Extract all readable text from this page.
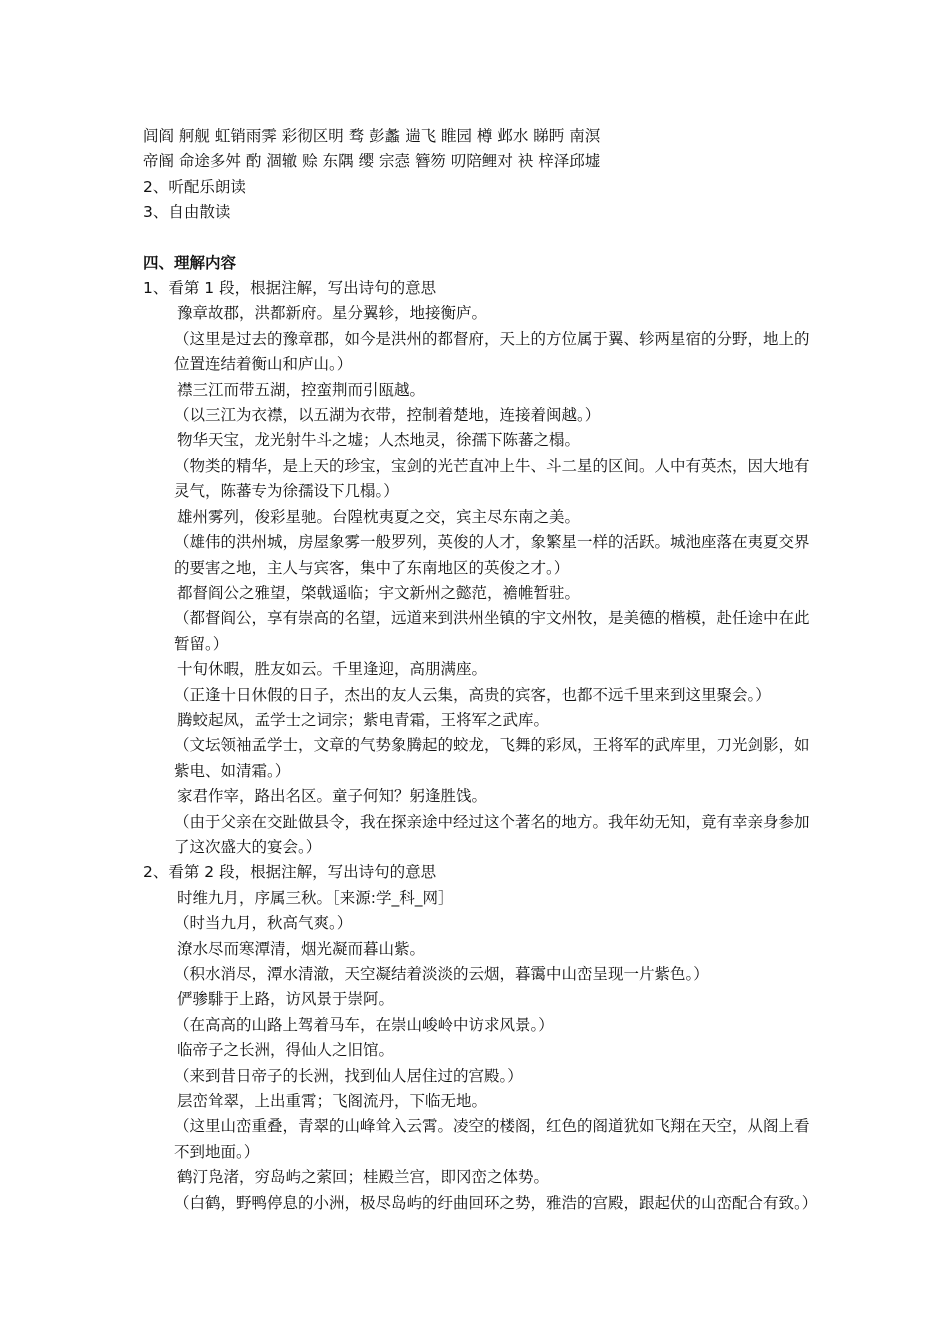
闾阎 舸舰 虹销雨霁 彩彻区明 骛 彭蠡 遄飞 睢园 樽 邺水 睇眄 南溟
帝阍 命途多舛 酌 涸辙 赊 东隅 缨 宗悫 簪笏 叨陪鲤对 袂 梓泽邱墟
2、听配乐朗读
3、自由散读
四、理解内容
1、看第 1 段，根据注解，写出诗句的意思
豫章故郡，洪都新府。星分翼轸，地接衡庐。
（这里是过去的豫章郡，如今是洪州的都督府，天上的方位属于翼、轸两星宿的分野，地上的位置连结着衡山和庐山。）
襟三江而带五湖，控蛮荆而引瓯越。
（以三江为衣襟，以五湖为衣带，控制着楚地，连接着闽越。）
物华天宝，龙光射牛斗之墟；人杰地灵，徐孺下陈蕃之榻。
（物类的精华，是上天的珍宝，宝剑的光芒直冲上牛、斗二星的区间。人中有英杰，因大地有灵气，陈蕃专为徐孺设下几榻。）
雄州雾列，俊彩星驰。台隍枕夷夏之交，宾主尽东南之美。
（雄伟的洪州城，房屋象雾一般罗列，英俊的人才，象繁星一样的活跃。城池座落在夷夏交界的要害之地，主人与宾客，集中了东南地区的英俊之才。）
都督阎公之雅望，棨戟遥临；宇文新州之懿范，襜帷暂驻。
（都督阎公，享有崇高的名望，远道来到洪州坐镇的宇文州牧，是美德的楷模，赴任途中在此暂留。）
十旬休暇，胜友如云。千里逢迎，高朋满座。
（正逢十日休假的日子，杰出的友人云集，高贵的宾客，也都不远千里来到这里聚会。）
腾蛟起凤，孟学士之词宗；紫电青霜，王将军之武库。
（文坛领袖孟学士，文章的气势象腾起的蛟龙，飞舞的彩凤，王将军的武库里，刀光剑影，如紫电、如清霜。）
家君作宰，路出名区。童子何知？躬逢胜饯。
（由于父亲在交趾做县令，我在探亲途中经过这个著名的地方。我年幼无知，竟有幸亲身参加了这次盛大的宴会。）
2、看第 2 段，根据注解，写出诗句的意思
时维九月，序属三秋。［来源:学_科_网］
（时当九月，秋高气爽。）
潦水尽而寒潭清，烟光凝而暮山紫。
（积水消尽，潭水清澈，天空凝结着淡淡的云烟，暮霭中山峦呈现一片紫色。）
俨骖騑于上路，访风景于崇阿。
（在高高的山路上驾着马车，在崇山峻岭中访求风景。）
临帝子之长洲，得仙人之旧馆。
（来到昔日帝子的长洲，找到仙人居住过的宫殿。）
层峦耸翠，上出重霄；飞阁流丹，下临无地。
（这里山峦重叠，青翠的山峰耸入云霄。凌空的楼阁，红色的阁道犹如飞翔在天空，从阁上看不到地面。）
鹤汀凫渚，穷岛屿之萦回；桂殿兰宫，即冈峦之体势。
（白鹤，野鸭停息的小洲，极尽岛屿的纡曲回环之势，雅浩的宫殿，跟起伏的山峦配合有致。）
